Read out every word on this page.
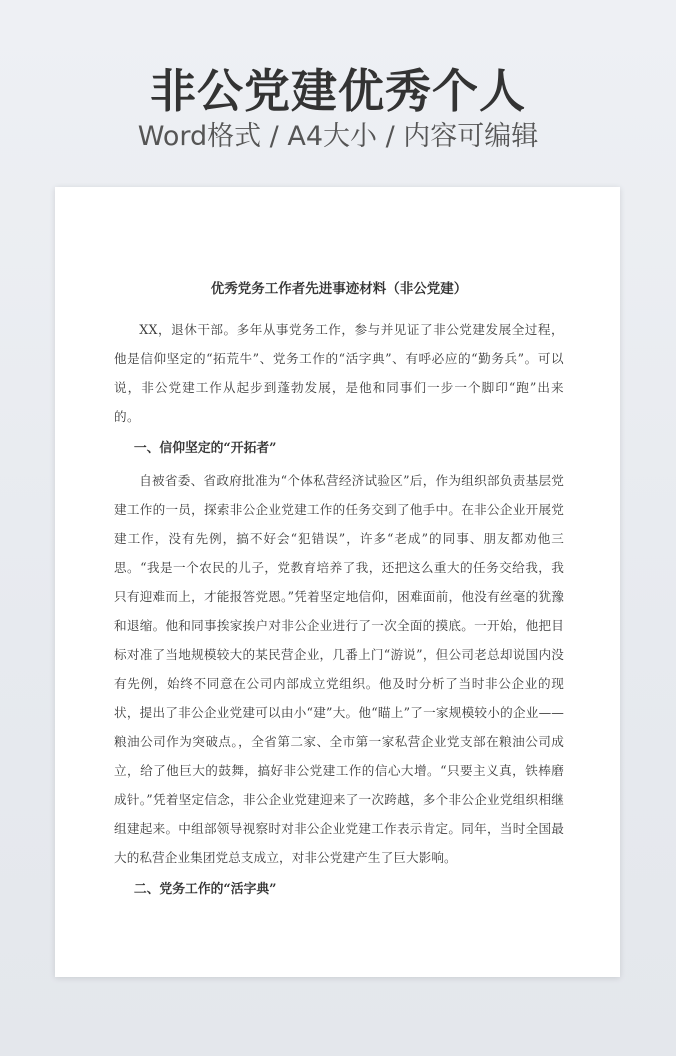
非公党建优秀个人
Word格式 / A4大小 / 内容可编辑
优秀党务工作者先进事迹材料（非公党建）

XX，退休干部。多年从事党务工作，参与并见证了非公党建发展全过程，他是信仰坚定的“拓荒牛”、党务工作的“活字典”、有呼必应的“勤务兵”。可以说，非公党建工作从起步到蓬勃发展，是他和同事们一步一个脚印“跑”出来的。

一、信仰坚定的“开拓者”

自被省委、省政府批准为“个体私营经济试验区”后，作为组织部负责基层党建工作的一员，探索非公企业党建工作的任务交到了他手中。在非公企业开展党建工作，没有先例，搞不好会“犯错误”，许多“老成”的同事、朋友都劝他三思。“我是一个农民的儿子，党教育培养了我，还把这么重大的任务交给我，我只有迎难而上，才能报答党恩。”凭着坚定地信仰，困难面前，他没有丝毫的犹豫和退缩。他和同事挨家挨户对非公企业进行了一次全面的摸底。一开始，他把目标对准了当地规模较大的某民营企业，几番上门“游说”，但公司老总却说国内没有先例，始终不同意在公司内部成立党组织。他及时分析了当时非公企业的现状，提出了非公企业党建可以由小“建”大。他“瞄上”了一家规模较小的企业——粮油公司作为突破点。，全省第二家、全市第一家私营企业党支部在粮油公司成立，给了他巨大的鼓舞，搞好非公党建工作的信心大增。“只要主义真，铁棒磨成针。”凭着坚定信念，非公企业党建迎来了一次跨越，多个非公企业党组织相继组建起来。中组部领导视察时对非公企业党建工作表示肯定。同年，当时全国最大的私营企业集团党总支成立，对非公党建产生了巨大影响。

二、党务工作的“活字典”
